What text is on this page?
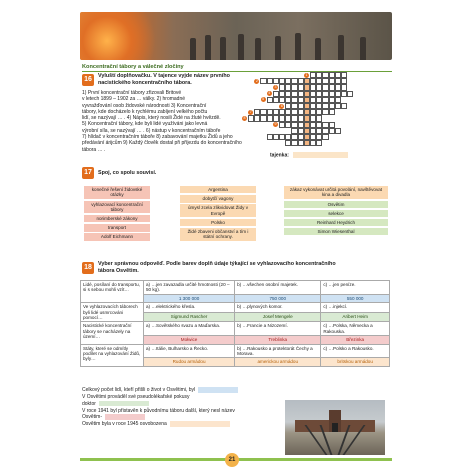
Koncentrační tábory a válečné zločiny
16	Vyluští doplňovačku. V tajence vyjde název prvního nacistického koncentračního tábora.
1) První koncentrační tábory zřizovali Britové
v letech 1899 – 1902 za … války. 2) hromadné
vyvražďování osob židovské národnosti 3) Koncentrační
tábory, kde docházelo k rychlému zabíjení velkého počtu
lidí, se nazývají … . 4) Nápis, který nosili Židé na žluté hvězdě.
5) Koncentrační tábory, kde byli lidé využíváni jako levná
výrobní síla, se nazývají … . 6) nástup v koncentračním táboře
7) hlídač v koncentračním táboře 8) zabavování majetku Židů a jeho
předávání árijcům 9) Každý člověk dostal při příjezdu do koncentračního
tábora … .
1
2
3
4
5
6
7
8
9
tajenka:
17	Spoj, co spolu souvisí.
konečné řešení židovské otázky
vyhlazovací koncentrační tábory
norimberské zákony
transport
Adolf Eichmann
Argentina
dobytčí vagony
úmysl zcela zlikvidovat Židy v Evropě
Polsko
Židé zbaveni občanství a tím i státní ochrany.
zákaz vykonávat určitá povolání, navštěvovat kina a divadla
Osvětim
selekce
Reinhard Heydrich
Simon Wiesenthal
18	Vyber správnou odpověď. Podle barev doplň údaje týkající se vyhlazovacího koncentračního tábora Osvětim.
Lidé, posílaní do transportu, si s sebou mohli vzít…	a) …jen zavazadla určité hmotnosti (20 – 50 kg).	b) …všechen osobní majetek.	c) …jen peníze.
	1 300 000	750 000	550 000
Ve vyhlazovacích táborech byli lidé usmrcováni pomocí…	a) …elektrického křesla.	b) …plynových komor.	c) …injekcí.
	Sigmund Rascher	Josef Mengele	Aribert Heim
Nacistické koncentrační tábory se nacházely na území…	a) …Sovětského svazu a Maďarska.	b) …Francie a Nizozemí.	c) …Polska, Německa a Rakouska.
	Mołwice	Treblinka	Březinka
Státy, které se odmítly podílet na vyhlazování Židů, byly…	a) …Itálie, Bulharsko a Řecko.	b) …Rakousko a protektorát Čechy a Morava.	c) …Polsko a Rakousko.
	Rudou armádou	americkou armádou	britskou armádou
Celkový počet lidí, kteří přišli o život v Osvětimi, byl
V Osvětimi prováděl své pseudolékařské pokusy
doktor
V roce 1941 byl přistavěn k původnímu táboru další, který nesl název
Osvětim-
Osvětim byla v roce 1945 osvobozena
21
